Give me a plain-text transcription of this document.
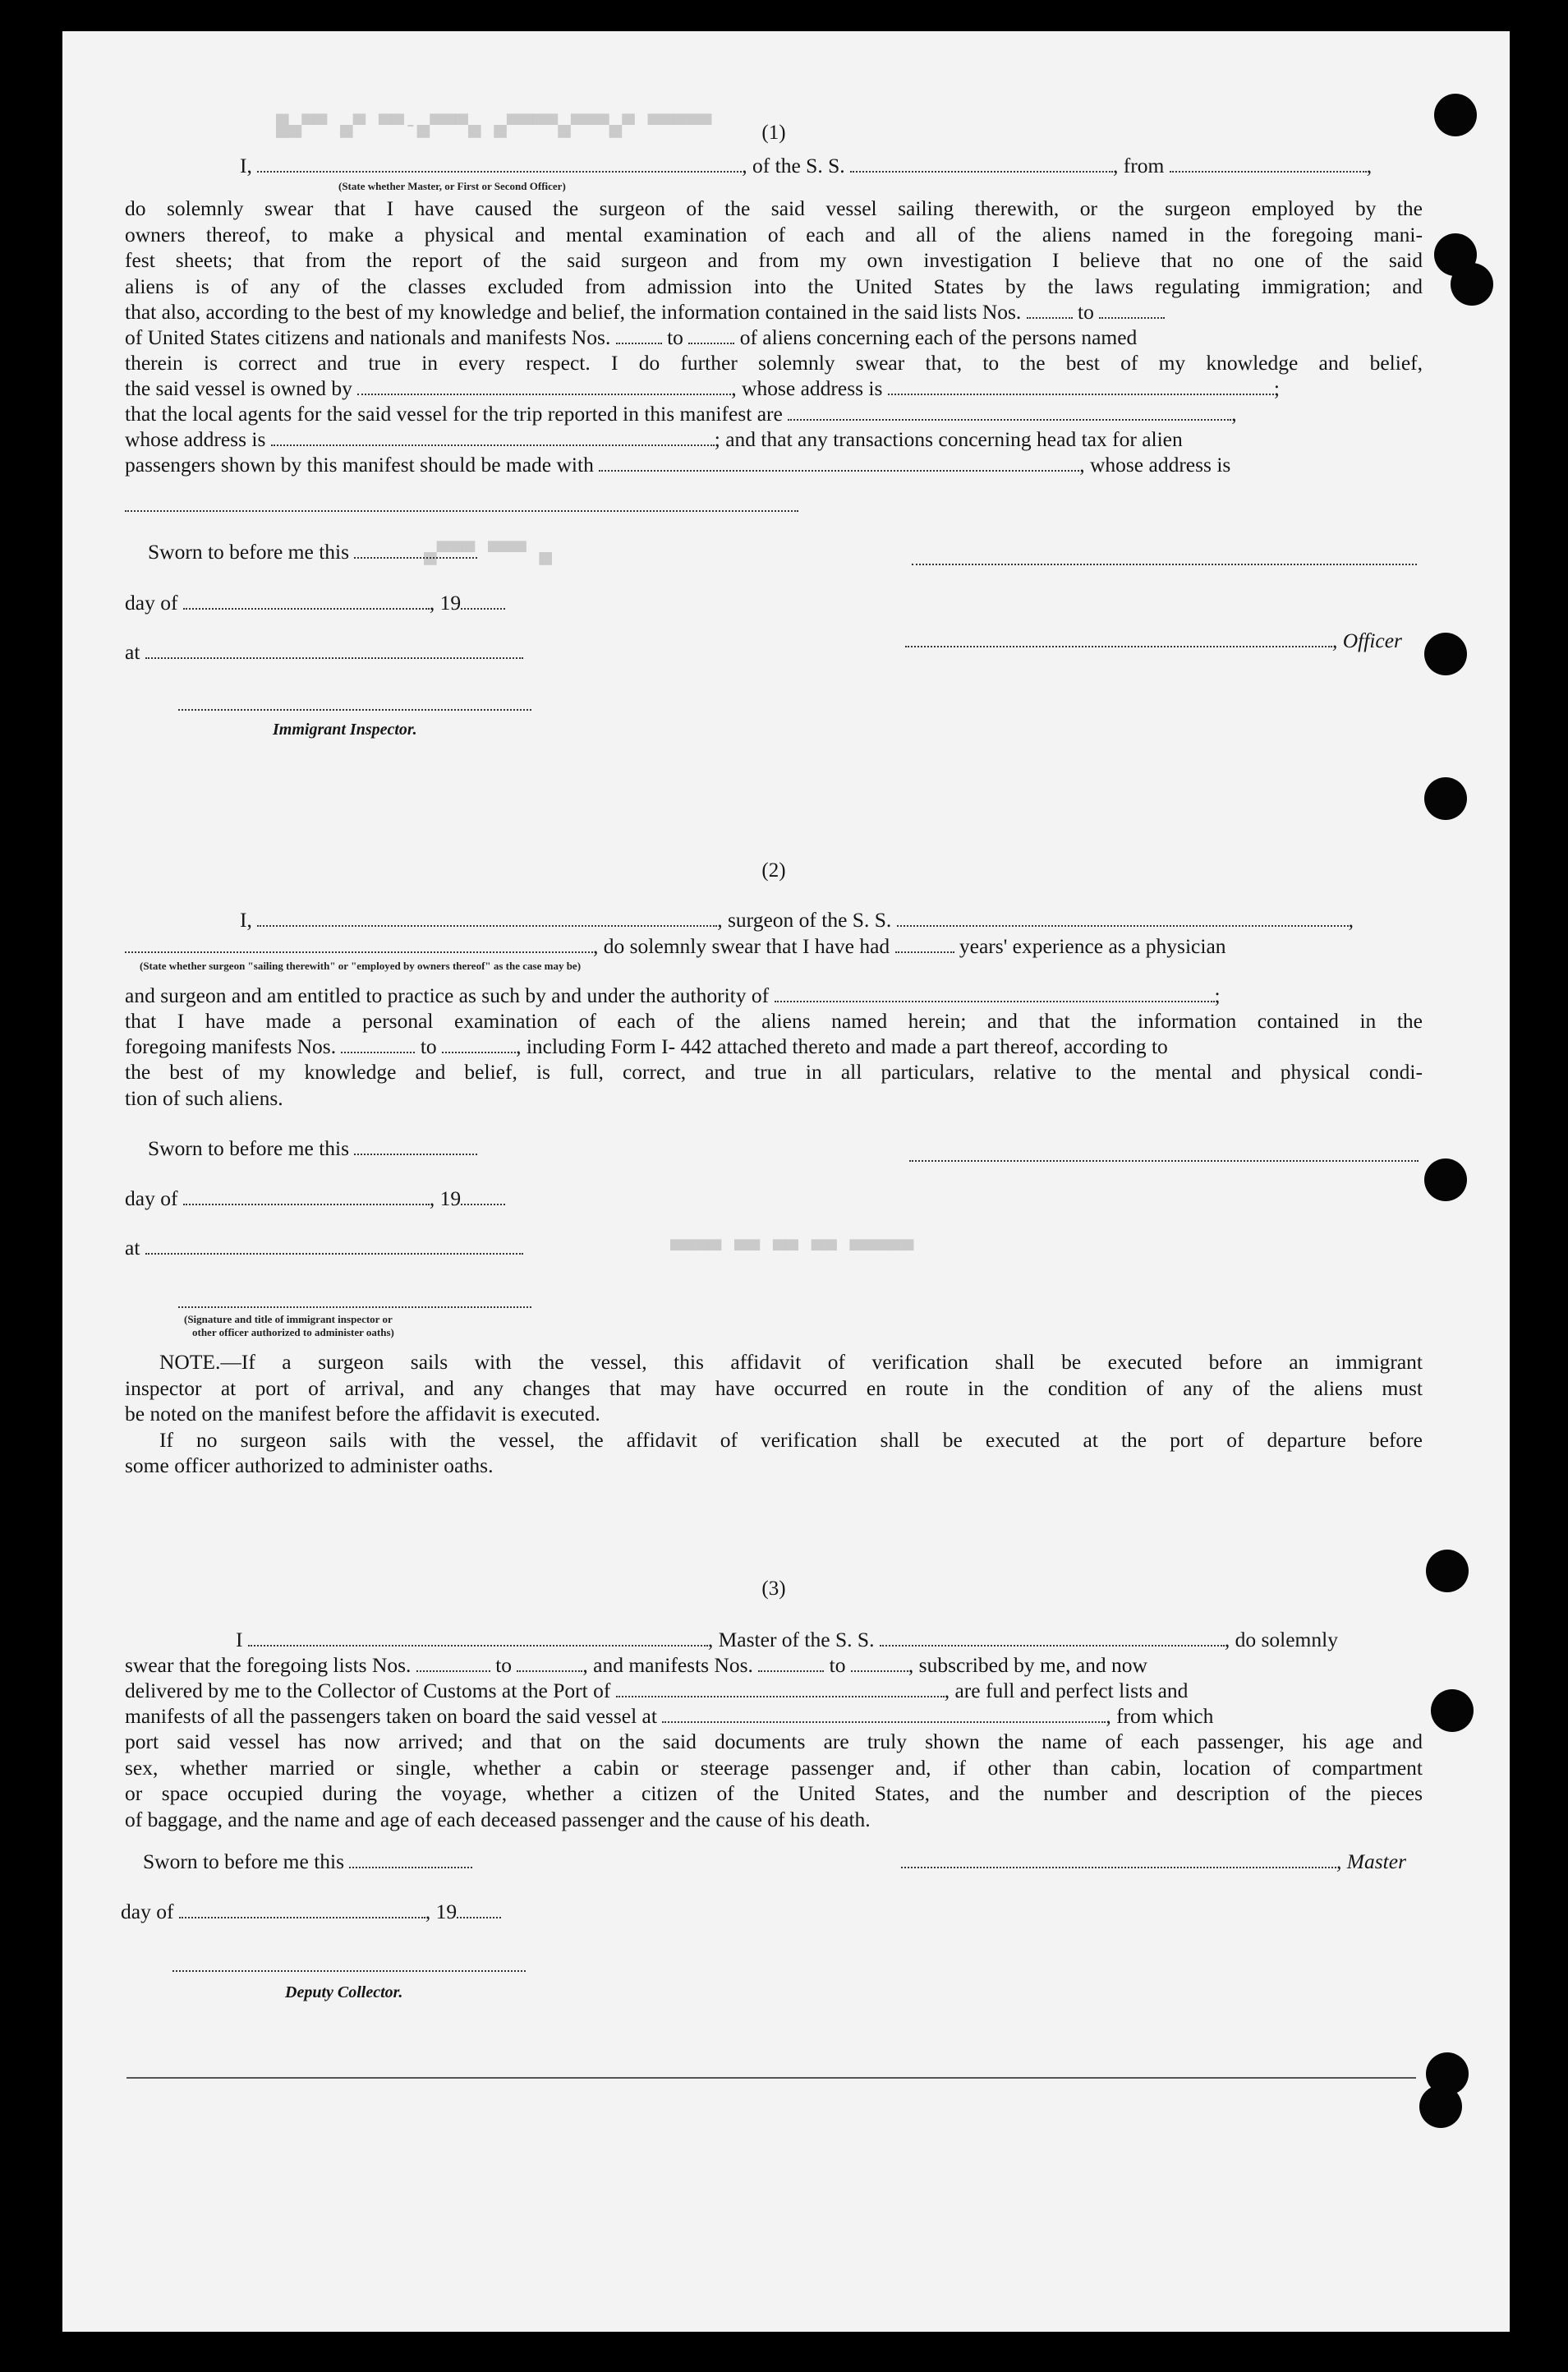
█▄▀▀ ▄▀ ▀▀-▄▀▀▀▄ ▄▀▀▀▀▄▀▀▀▄▀ ▀▀▀▀▀
▄▀▀▀ ▀▀▀ ▄
▀▀▀▀ ▀▀ ▀▀ ▀▀ ▀▀▀▀▀
(1)
I,	, of the S. S.	, from	,
(State whether Master, or First or Second Officer)

do solemnly swear that I have caused the surgeon of the said vessel sailing therewith, or the surgeon employed by the

owners thereof, to make a physical and mental examination of each and all of the aliens named in the foregoing mani-

fest sheets; that from the report of the said surgeon and from my own investigation I believe that no one of the said

aliens is of any of the classes excluded from admission into the United States by the laws regulating immigration; and

that also, according to the best of my knowledge and belief, the information contained in the said lists Nos.	to
of United States citizens and nationals and manifests Nos.	to	of aliens concerning each of the persons named

therein is correct and true in every respect. I do further solemnly swear that, to the best of my knowledge and belief,

the said vessel is owned by	, whose address is	;
that the local agents for the said vessel for the trip reported in this manifest are	,
whose address is	; and that any transactions concerning head tax for alien
passengers shown by this manifest should be made with	, whose address is
Sworn to before me this
day of	, 19
, Officer
at
Immigrant Inspector.
(2)
I,	, surgeon of the S. S.	,
, do solemnly swear that I have had	years' experience as a physician
(State whether surgeon "sailing therewith" or "employed by owners thereof" as the case may be)
and surgeon and am entitled to practice as such by and under the authority of	;

that I have made a personal examination of each of the aliens named herein; and that the information contained in the

foregoing manifests Nos.	to	, including Form I- 442 attached thereto and made a part thereof, according to

the best of my knowledge and belief, is full, correct, and true in all particulars, relative to the mental and physical condi-

tion of such aliens.

Sworn to before me this
day of	, 19
at
(Signature and title of immigrant inspector or
other officer authorized to administer oaths)

NOTE.—If a surgeon sails with the vessel, this affidavit of verification shall be executed before an immigrant

inspector at port of arrival, and any changes that may have occurred en route in the condition of any of the aliens must

be noted on the manifest before the affidavit is executed.

If no surgeon sails with the vessel, the affidavit of verification shall be executed at the port of departure before

some officer authorized to administer oaths.

(3)
I	, Master of the S. S.	, do solemnly
swear that the foregoing lists Nos.	to	, and manifests Nos.	to	, subscribed by me, and now
delivered by me to the Collector of Customs at the Port of	, are full and perfect lists and
manifests of all the passengers taken on board the said vessel at	, from which

port said vessel has now arrived; and that on the said documents are truly shown the name of each passenger, his age and

sex, whether married or single, whether a cabin or steerage passenger and, if other than cabin, location of compartment

or space occupied during the voyage, whether a citizen of the United States, and the number and description of the pieces

of baggage, and the name and age of each deceased passenger and the cause of his death.

Sworn to before me this	, Master
day of	, 19
Deputy Collector.
